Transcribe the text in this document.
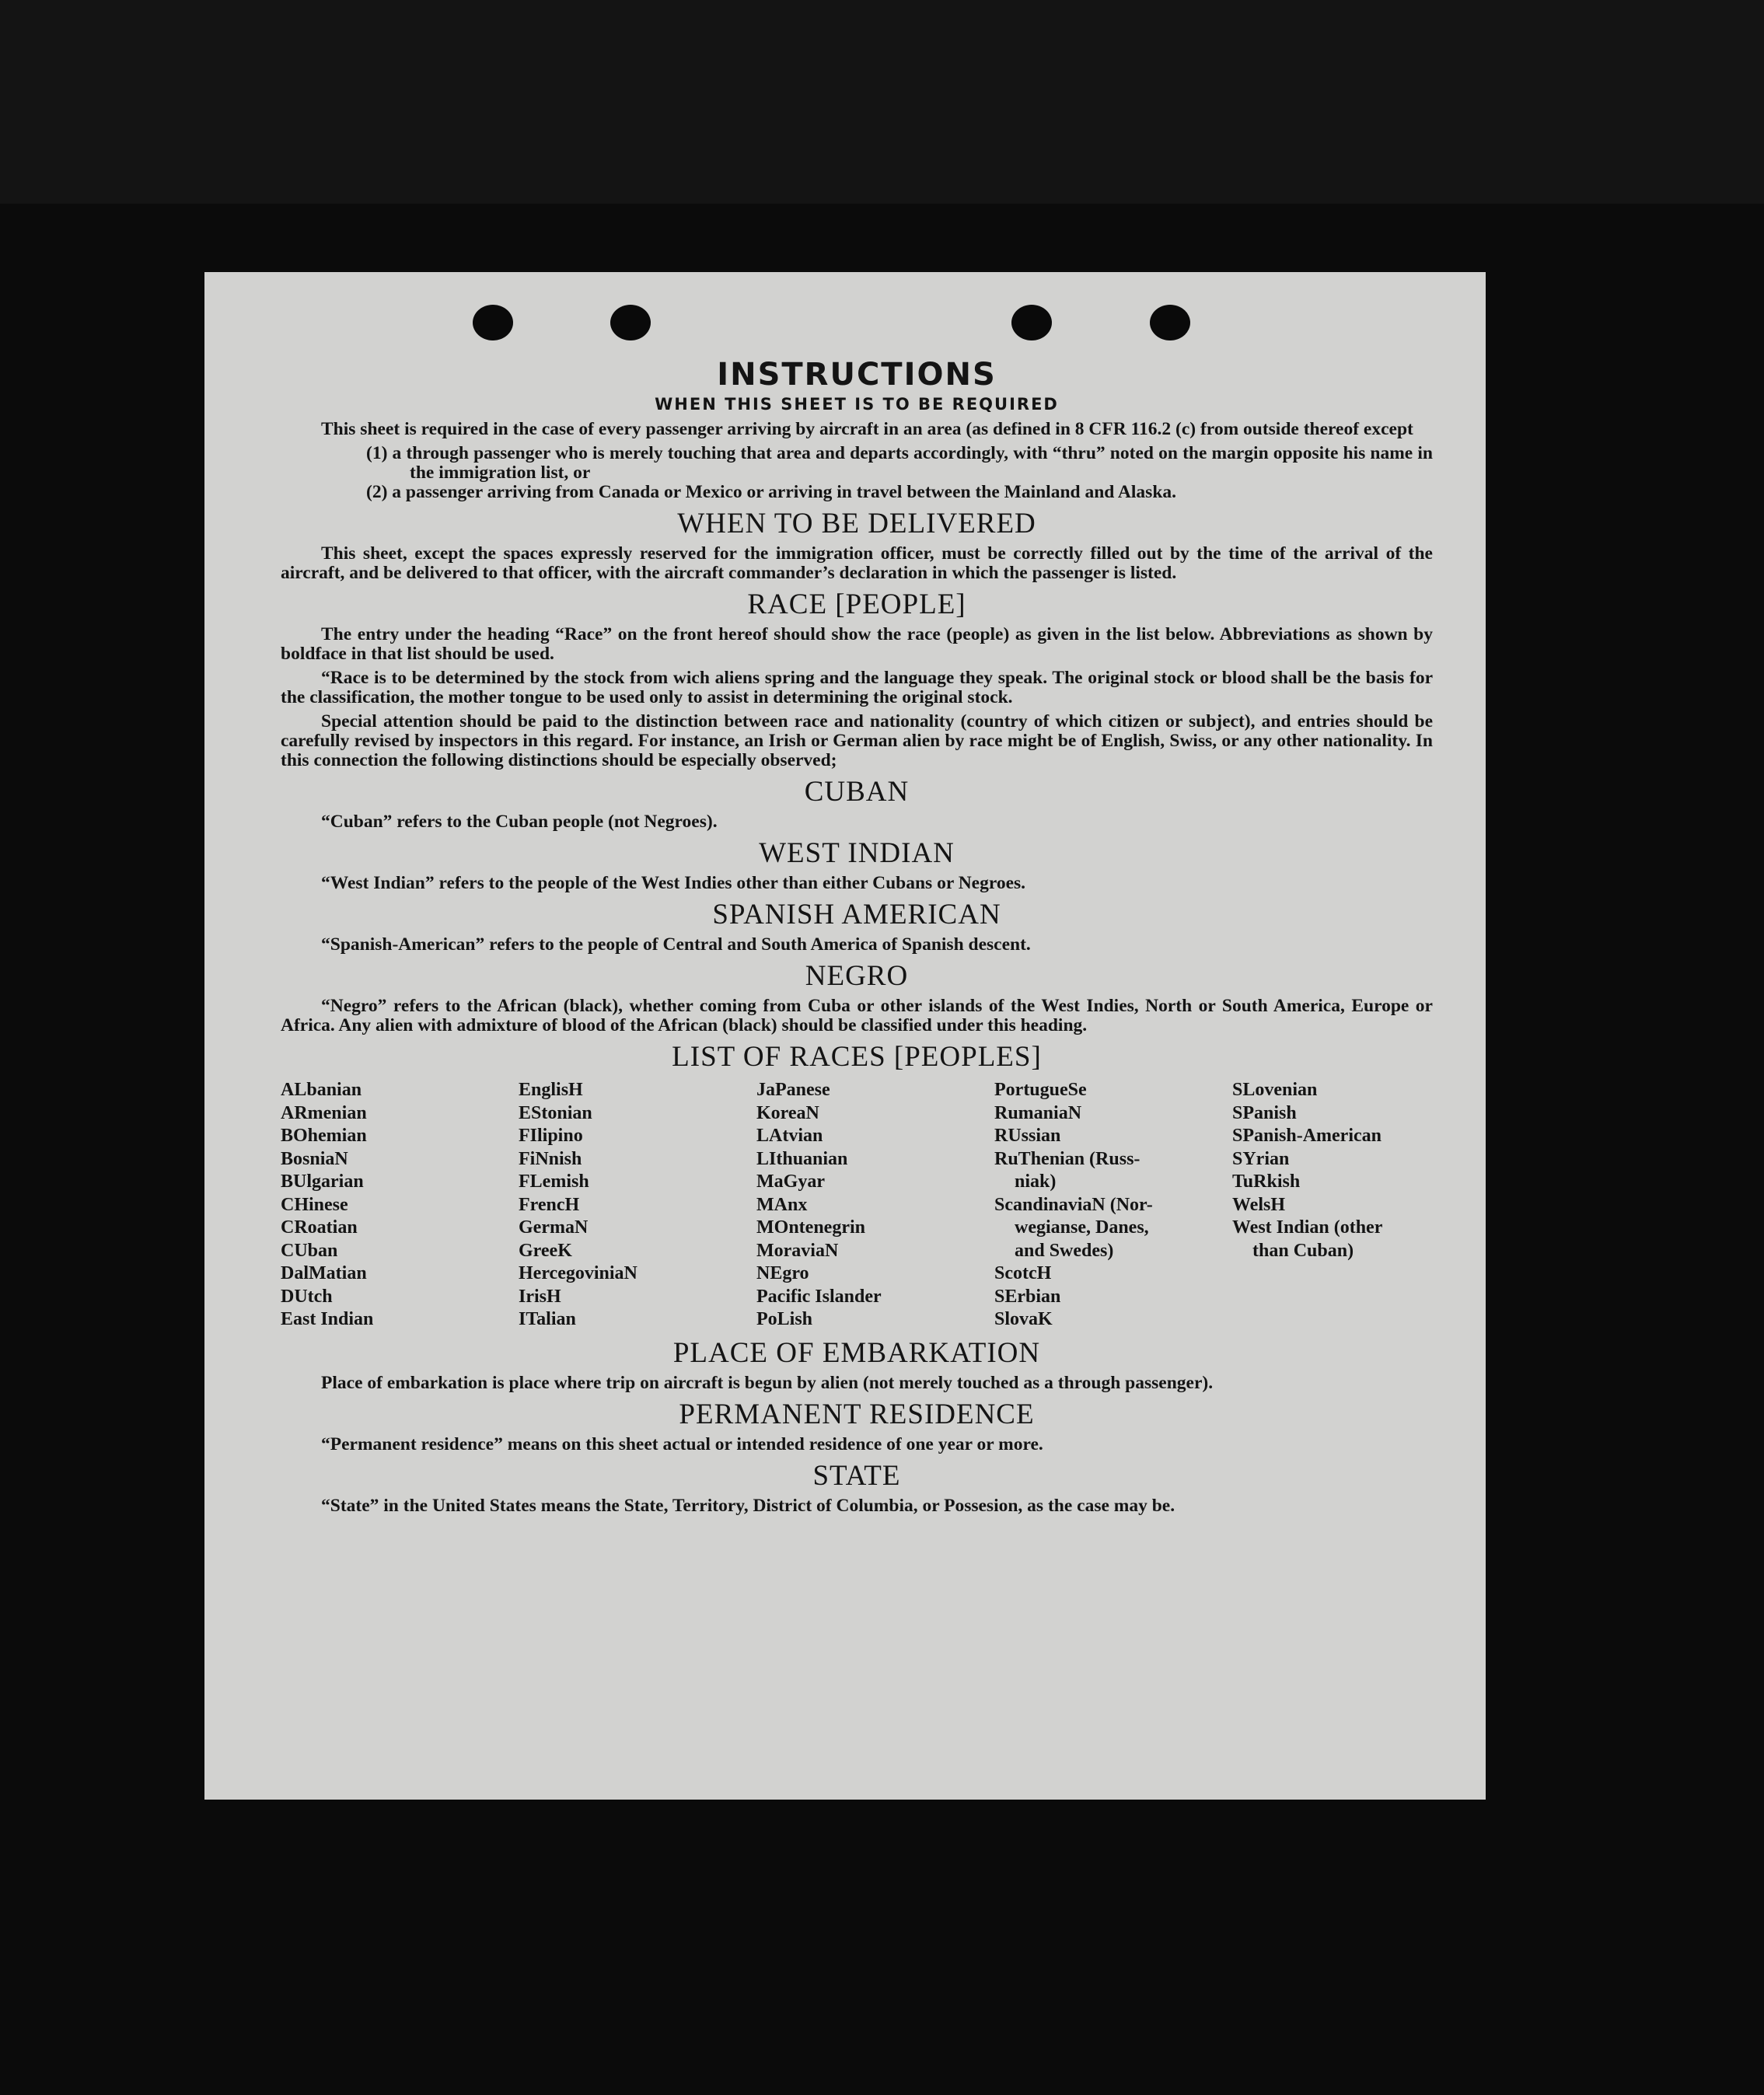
INSTRUCTIONS
WHEN THIS SHEET IS TO BE REQUIRED

This sheet is required in the case of every passenger arriving by aircraft in an area (as defined in 8 CFR 116.2 (c) from outside thereof except

(1) a through passenger who is merely touching that area and departs accordingly, with “thru” noted on the margin opposite his name in the immigration list, or
(2) a passenger arriving from Canada or Mexico or arriving in travel between the Mainland and Alaska.
WHEN TO BE DELIVERED

This sheet, except the spaces expressly reserved for the immigration officer, must be correctly filled out by the time of the arrival of the aircraft, and be delivered to that officer, with the aircraft commander’s declaration in which the passenger is listed.

RACE [PEOPLE]

The entry under the heading “Race” on the front hereof should show the race (people) as given in the list below. Abbreviations as shown by boldface in that list should be used.

“Race is to be determined by the stock from wich aliens spring and the language they speak. The original stock or blood shall be the basis for the classification, the mother tongue to be used only to assist in determining the original stock.

Special attention should be paid to the distinction between race and nationality (country of which citizen or subject), and entries should be carefully revised by inspectors in this regard. For instance, an Irish or German alien by race might be of English, Swiss, or any other nationality. In this connection the following distinctions should be especially observed;

CUBAN

“Cuban” refers to the Cuban people (not Negroes).

WEST INDIAN

“West Indian” refers to the people of the West Indies other than either Cubans or Negroes.

SPANISH AMERICAN

“Spanish-American” refers to the people of Central and South America of Spanish descent.

NEGRO

“Negro” refers to the African (black), whether coming from Cuba or other islands of the West Indies, North or South America, Europe or Africa. Any alien with admixture of blood of the African (black) should be classified under this heading.

LIST OF RACES [PEOPLES]
ALbanian
ARmenian
BOhemian
BosniaN
BUlgarian
CHinese
CRoatian
CUban
DalMatian
DUtch
East Indian
EnglisH
EStonian
FIlipino
FiNnish
FLemish
FrencH
GermaN
GreeK
HercegoviniaN
IrisH
ITalian
JaPanese
KoreaN
LAtvian
LIthuanian
MaGyar
MAnx
MOntenegrin
MoraviaN
NEgro
Pacific Islander
PoLish
PortugueSe
RumaniaN
RUssian
RuThenian (Russ-
niak)
ScandinaviaN (Nor-
wegianse, Danes,
and Swedes)
ScotcH
SErbian
SlovaK
SLovenian
SPanish
SPanish-American
SYrian
TuRkish
WelsH
West Indian (other
than Cuban)
PLACE OF EMBARKATION

Place of embarkation is place where trip on aircraft is begun by alien (not merely touched as a through passenger).

PERMANENT RESIDENCE

“Permanent residence” means on this sheet actual or intended residence of one year or more.

STATE

“State” in the United States means the State, Territory, District of Columbia, or Possesion, as the case may be.
